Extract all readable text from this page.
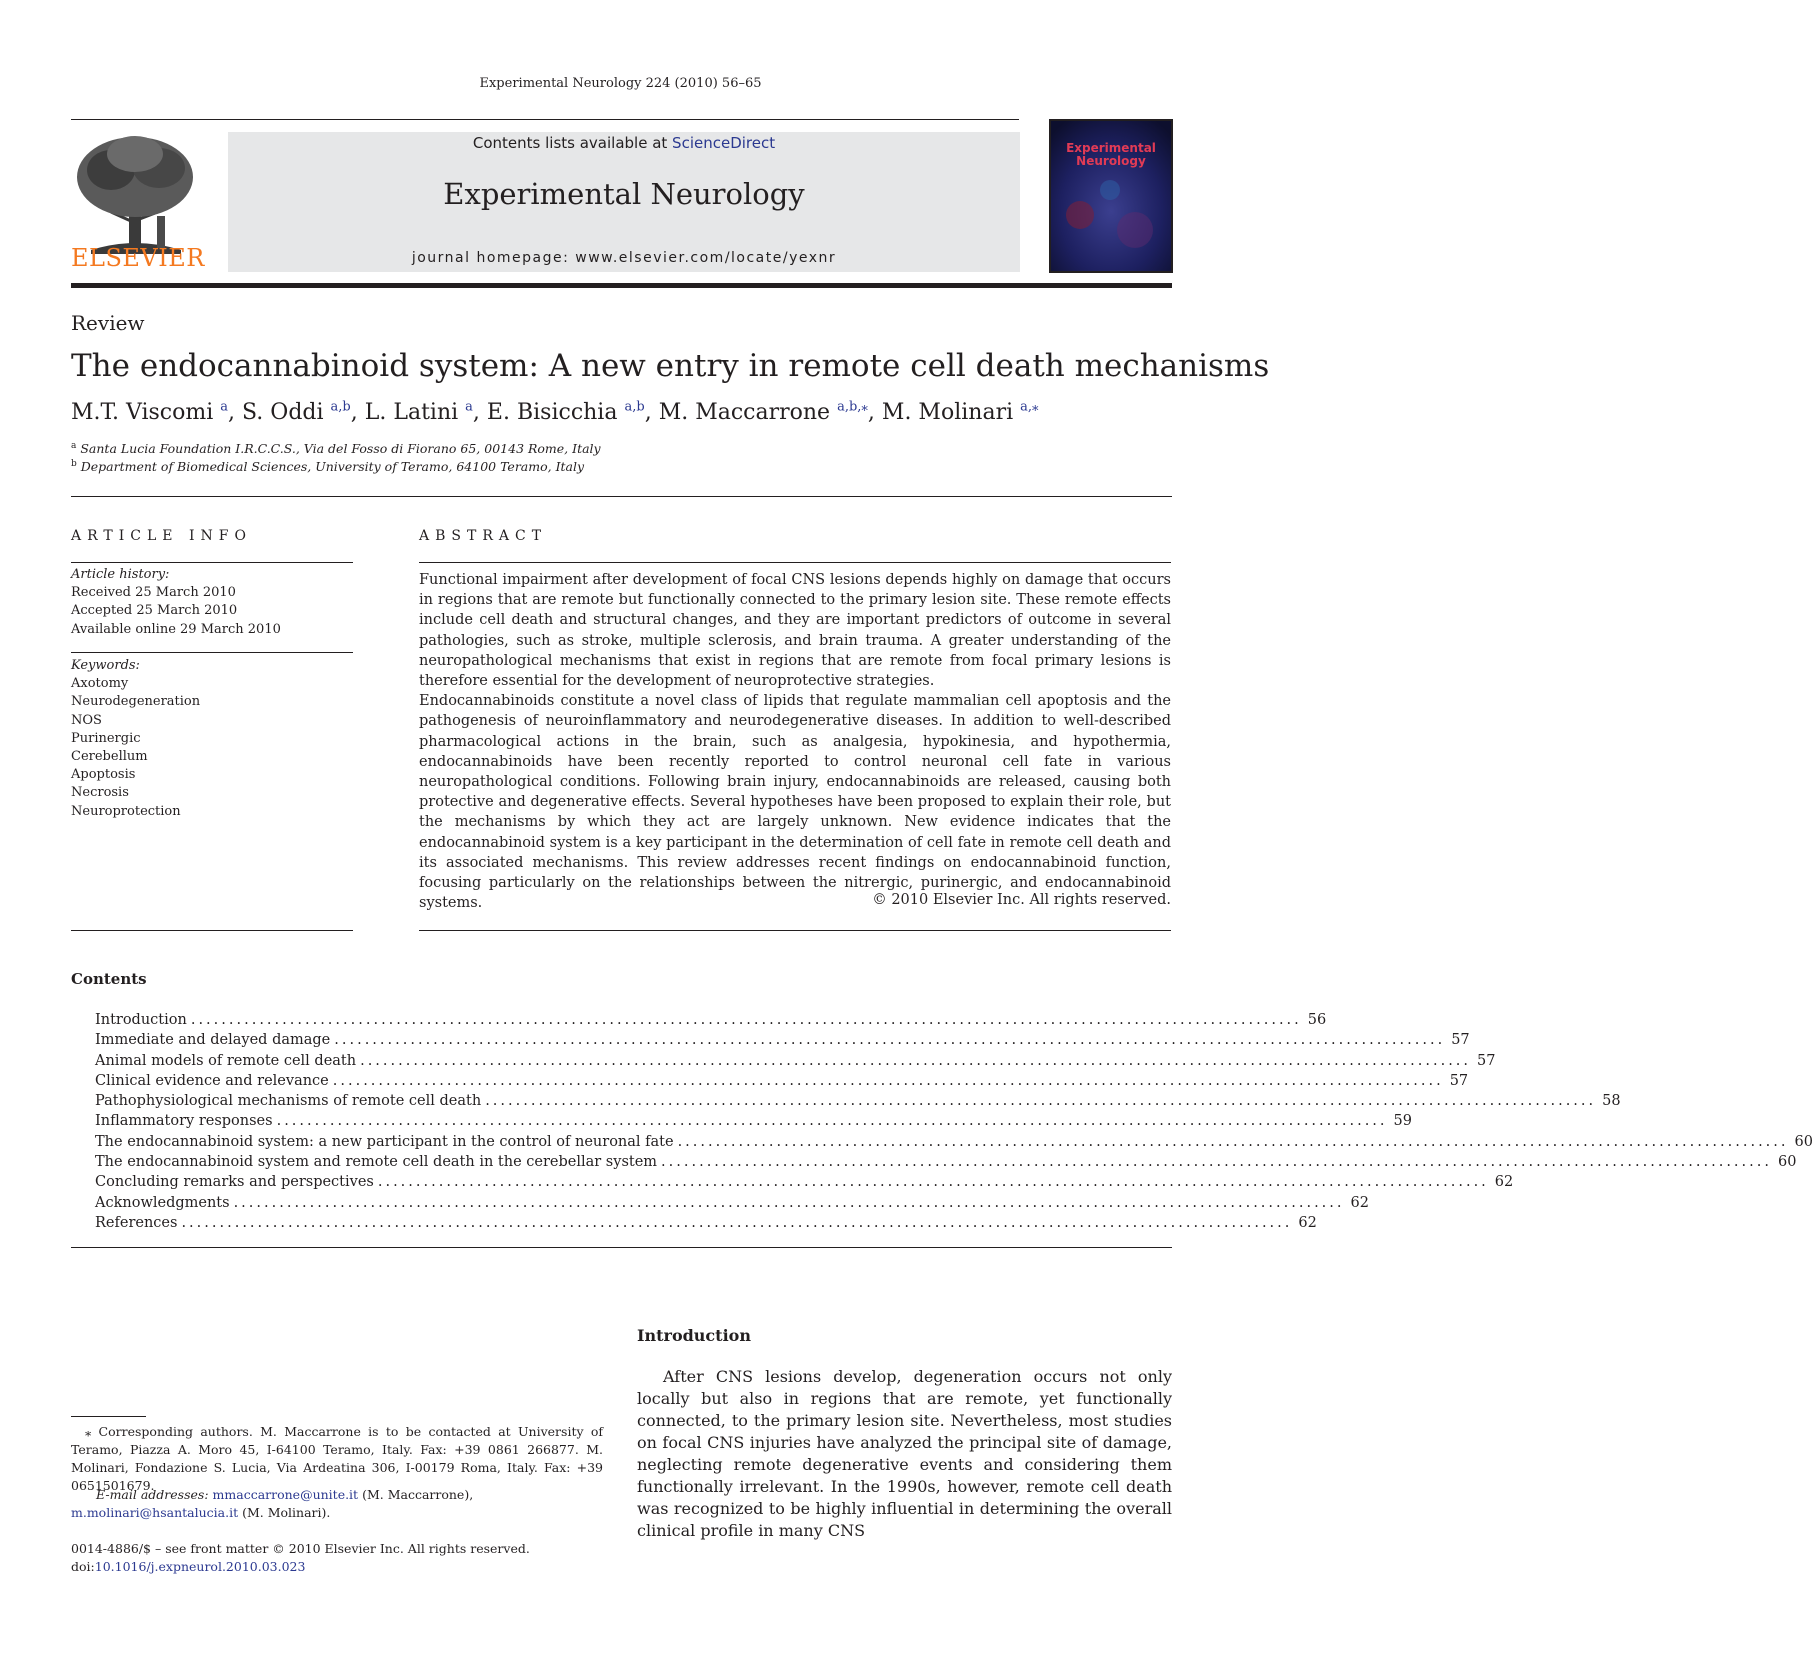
Experimental Neurology 224 (2010) 56–65
ELSEVIER
Contents lists available at ScienceDirect
Experimental Neurology
journal homepage: www.elsevier.com/locate/yexnr
Experimental Neurology
Review
The endocannabinoid system: A new entry in remote cell death mechanisms
M.T. Viscomi $^a$, S. Oddi $^{a,b}$, L. Latini $^a$, E. Bisicchia $^{a,b}$, M. Maccarrone $^{a,b,⁎}$, M. Molinari $^{a,⁎}$
$^a$ Santa Lucia Foundation I.R.C.C.S., Via del Fosso di Fiorano 65, 00143 Rome, Italy
$^b$ Department of Biomedical Sciences, University of Teramo, 64100 Teramo, Italy
ARTICLE INFO
Article history:
Received 25 March 2010
Accepted 25 March 2010
Available online 29 March 2010
Keywords:
Axotomy
Neurodegeneration
NOS
Purinergic
Cerebellum
Apoptosis
Necrosis
Neuroprotection
ABSTRACT

Functional impairment after development of focal CNS lesions depends highly on damage that occurs in regions that are remote but functionally connected to the primary lesion site. These remote effects include cell death and structural changes, and they are important predictors of outcome in several pathologies, such as stroke, multiple sclerosis, and brain trauma. A greater understanding of the neuropathological mechanisms that exist in regions that are remote from focal primary lesions is therefore essential for the development of neuroprotective strategies.

Endocannabinoids constitute a novel class of lipids that regulate mammalian cell apoptosis and the pathogenesis of neuroinflammatory and neurodegenerative diseases. In addition to well-described pharmacological actions in the brain, such as analgesia, hypokinesia, and hypothermia, endocannabinoids have been recently reported to control neuronal cell fate in various neuropathological conditions. Following brain injury, endocannabinoids are released, causing both protective and degenerative effects. Several hypotheses have been proposed to explain their role, but the mechanisms by which they act are largely unknown. New evidence indicates that the endocannabinoid system is a key participant in the determination of cell fate in remote cell death and its associated mechanisms. This review addresses recent findings on endocannabinoid function, focusing particularly on the relationships between the nitrergic, purinergic, and endocannabinoid systems.	© 2010 Elsevier Inc. All rights reserved.
Contents
Introduction .................................................................................................................................................. 56
Immediate and delayed damage .................................................................................................................................................. 57
Animal models of remote cell death .................................................................................................................................................. 57
Clinical evidence and relevance .................................................................................................................................................. 57
Pathophysiological mechanisms of remote cell death .................................................................................................................................................. 58
Inflammatory responses .................................................................................................................................................. 59
The endocannabinoid system: a new participant in the control of neuronal fate .................................................................................................................................................. 60
The endocannabinoid system and remote cell death in the cerebellar system .................................................................................................................................................. 60
Concluding remarks and perspectives .................................................................................................................................................. 62
Acknowledgments .................................................................................................................................................. 62
References .................................................................................................................................................. 62
Introduction

After CNS lesions develop, degeneration occurs not only locally but also in regions that are remote, yet functionally connected, to the primary lesion site. Nevertheless, most studies on focal CNS injuries have analyzed the principal site of damage, neglecting remote degenerative events and considering them functionally irrelevant. In the 1990s, however, remote cell death was recognized to be highly influential in determining the overall clinical profile in many CNS

⁎ Corresponding authors. M. Maccarrone is to be contacted at University of Teramo, Piazza A. Moro 45, I-64100 Teramo, Italy. Fax: +39 0861 266877. M. Molinari, Fondazione S. Lucia, Via Ardeatina 306, I-00179 Roma, Italy. Fax: +39 0651501679.
E-mail addresses: mmaccarrone@unite.it (M. Maccarrone),
m.molinari@hsantalucia.it (M. Molinari).
0014-4886/$ – see front matter © 2010 Elsevier Inc. All rights reserved.
doi:10.1016/j.expneurol.2010.03.023
